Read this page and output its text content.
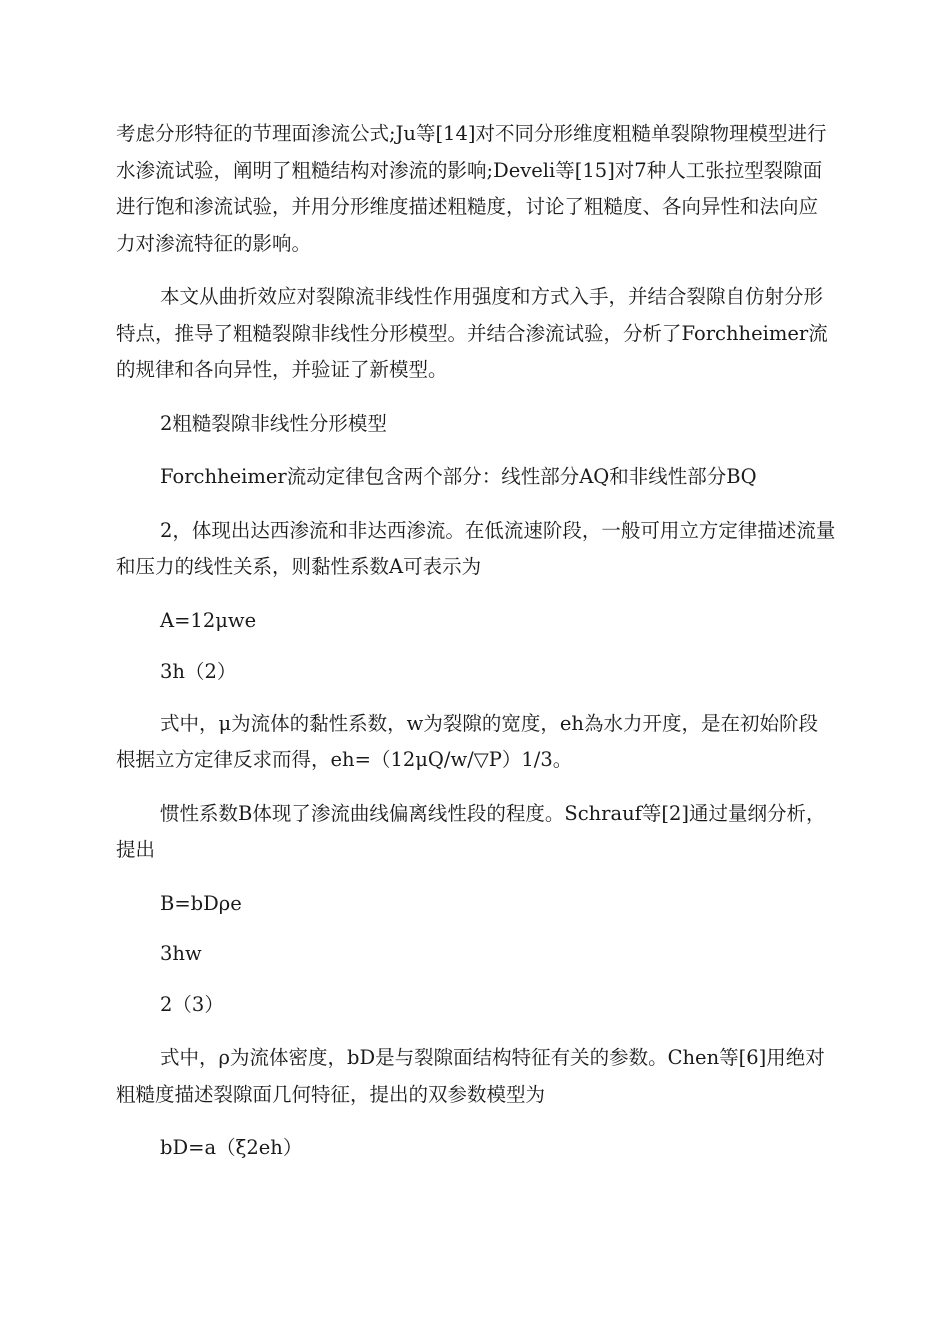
考虑分形特征的节理面渗流公式;Ju等[14]对不同分形维度粗糙单裂隙物理模型进行水渗流试验，阐明了粗糙结构对渗流的影响;Develi等[15]对7种人工张拉型裂隙面进行饱和渗流试验，并用分形维度描述粗糙度，讨论了粗糙度、各向异性和法向应力对渗流特征的影响。

本文从曲折效应对裂隙流非线性作用强度和方式入手，并结合裂隙自仿射分形特点，推导了粗糙裂隙非线性分形模型。并结合渗流试验，分析了Forchheimer流的规律和各向异性，并验证了新模型。

2粗糙裂隙非线性分形模型

Forchheimer流动定律包含两个部分：线性部分AQ和非线性部分BQ

2，体现出达西渗流和非达西渗流。在低流速阶段，一般可用立方定律描述流量和压力的线性关系，则黏性系数A可表示为

A=12μwe

3h（2）

式中，μ为流体的黏性系数，w为裂隙的宽度，eh為水力开度，是在初始阶段根据立方定律反求而得，eh=（12μQ/w/▽P）1/3。

惯性系数B体现了渗流曲线偏离线性段的程度。Schrauf等[2]通过量纲分析，提出

B=bDρe

3hw

2（3）

式中，ρ为流体密度，bD是与裂隙面结构特征有关的参数。Chen等[6]用绝对粗糙度描述裂隙面几何特征，提出的双参数模型为

bD=a（ξ2eh）
